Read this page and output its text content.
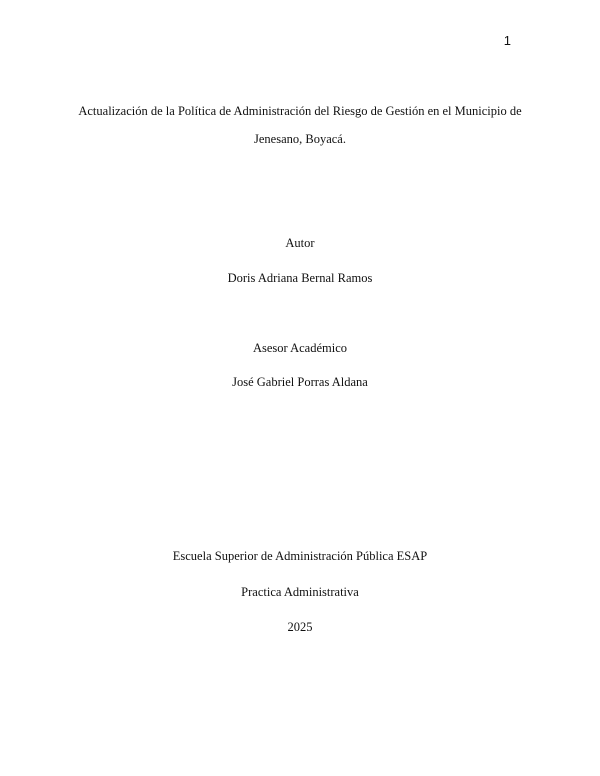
1
Actualización de la Política de Administración del Riesgo de Gestión en el Municipio de
Jenesano, Boyacá.
Autor
Doris Adriana Bernal Ramos
Asesor Académico
José Gabriel Porras Aldana
Escuela Superior de Administración Pública ESAP
Practica Administrativa
2025
